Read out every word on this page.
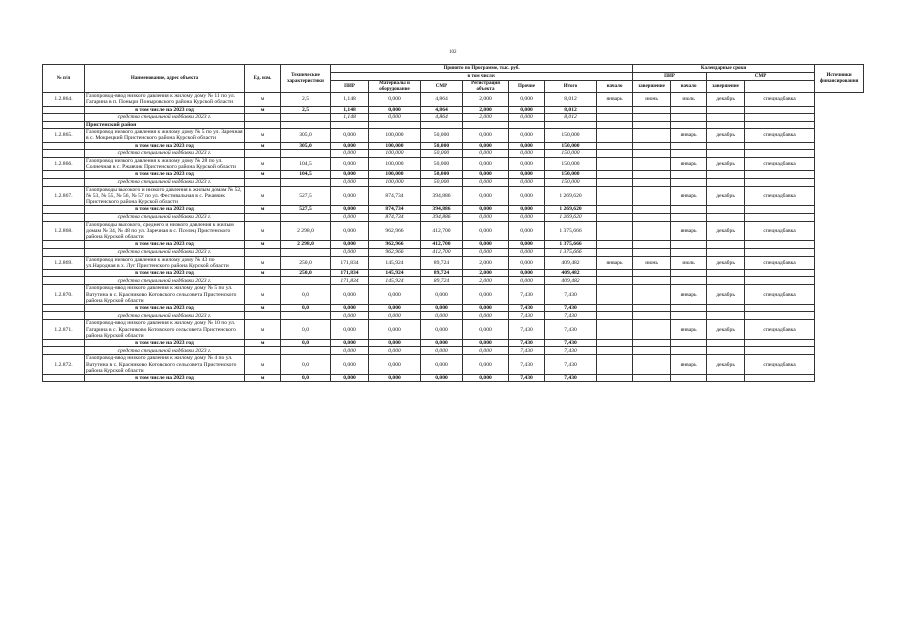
102
№ п/п	Наименование, адрес объекта	Ед. изм.	Технические характеристики	Принято по Программе, тыс. руб.							Календарные сроки				Источники финансирования
				в том числе:							ПИР		СМР		
				ПИР	Материалы и оборудование	СМР	Регистрация объекта	Прочие	Итого	начало	завершение	начало	завершение		
1.2.864.	Газопровод-ввод низкого давления к жилому дому № 11 по ул. Гагарина в п. Поныри Поныровского района Курской области	м	2,5	1,148	0,000	4,864	2,000	0,000	8,012	январь	июнь	июль	декабрь	спецнадбавка	
	в том числе на 2023 год	м	2,5	1,148	0,000	4,864	2,000	0,000	8,012						
	средства специальной надбавки 2023 г.			1,148	0,000	4,864	2,000	0,000	8,012						
	Пристенский район														
1.2.865.	Газопровод низкого давления к жилому дому № 5 по ул. Заречная в с. Мокрецкий Пристенского района Курской области	м	305,0	0,000	100,000	50,000	0,000	0,000	150,000			январь	декабрь	спецнадбавка	
	в том числе на 2023 год	м	305,0	0,000	100,000	50,000	0,000	0,000	150,000						
	средства специальной надбавки 2023 г.			0,000	100,000	50,000	0,000	0,000	150,000						
1.2.866.	Газопровод низкого давления к жилому дому № 28 по ул. Солнечная в с. Ржавчик Пристенского района Курской области	м	104,5	0,000	100,000	50,000	0,000	0,000	150,000			январь	декабрь	спецнадбавка	
	в том числе на 2023 год	м	104,5	0,000	100,000	50,000	0,000	0,000	150,000						
	средства специальной надбавки 2023 г.			0,000	100,000	50,000	0,000	0,000	150,000						
1.2.867.	Газопроводы высокого и низкого давления к жилым домам № 52, № 53, № 55, № 56, № 57 по ул. Фестивальная в с. Ржавчик Пристенского района Курской области	м	527,5	0,000	874,734	394,886	0,000	0,000	1 269,620			январь	декабрь	спецнадбавка	
	в том числе на 2023 год	м	527,5	0,000	874,734	394,886	0,000	0,000	1 269,620						
	средства специальной надбавки 2023 г.			0,000	874,734	394,886	0,000	0,000	1 269,620						
1.2.868.	Газопроводы высокого, среднего и низкого давления к жилым домам № 34, № 48 по ул. Заречная в с. Пселец Пристенского района Курской области	м	2 298,0	0,000	962,966	412,700	0,000	0,000	1 375,666			январь	декабрь	спецнадбавка	
	в том числе на 2023 год	м	2 298,0	0,000	962,966	412,700	0,000	0,000	1 375,666						
	средства специальной надбавки 2023 г.			0,000	962,966	412,700	0,000	0,000	1 375,666						
1.2.869.	Газопровод низкого давления к жилому дому № 43 по ул.Народная в х. Луг Пристенского района Курской области	м	250,0	171,834	145,924	89,724	2,000	0,000	409,482	январь	июнь	июль	декабрь	спецнадбавка	
	в том числе на 2023 год	м	250,0	171,834	145,924	89,724	2,000	0,000	409,482						
	средства специальной надбавки 2023 г.			171,834	145,924	89,724	2,000	0,000	409,482						
1.2.870.	Газопровод-ввод низкого давления к жилому дому № 5 по ул. Ватутина в с. Красниково Котовского сельсовета Пристенского района Курской области	м	0,0	0,000	0,000	0,000	0,000	7,430	7,430			январь	декабрь	спецнадбавка	
	в том числе на 2023 год	м	0,0	0,000	0,000	0,000	0,000	7,430	7,430						
	средства специальной надбавки 2023 г.			0,000	0,000	0,000	0,000	7,430	7,430						
1.2.871.	Газопровод-ввод низкого давления к жилому дому № 10 по ул. Гагарина в с. Красниково Котовского сельсовета Пристенского района Курской области	м	0,0	0,000	0,000	0,000	0,000	7,430	7,430			январь	декабрь	спецнадбавка	
	в том числе на 2023 год	м	0,0	0,000	0,000	0,000	0,000	7,430	7,430						
	средства специальной надбавки 2023 г.			0,000	0,000	0,000	0,000	7,430	7,430						
1.2.872.	Газопровод-ввод низкого давления к жилому дому № 4 по ул. Ватутина в с. Красниково Котовского сельсовета Пристенского района Курской области	м	0,0	0,000	0,000	0,000	0,000	7,430	7,430			январь	декабрь	спецнадбавка	
	в том числе на 2023 год	м	0,0	0,000	0,000	0,000	0,000	7,430	7,430						
